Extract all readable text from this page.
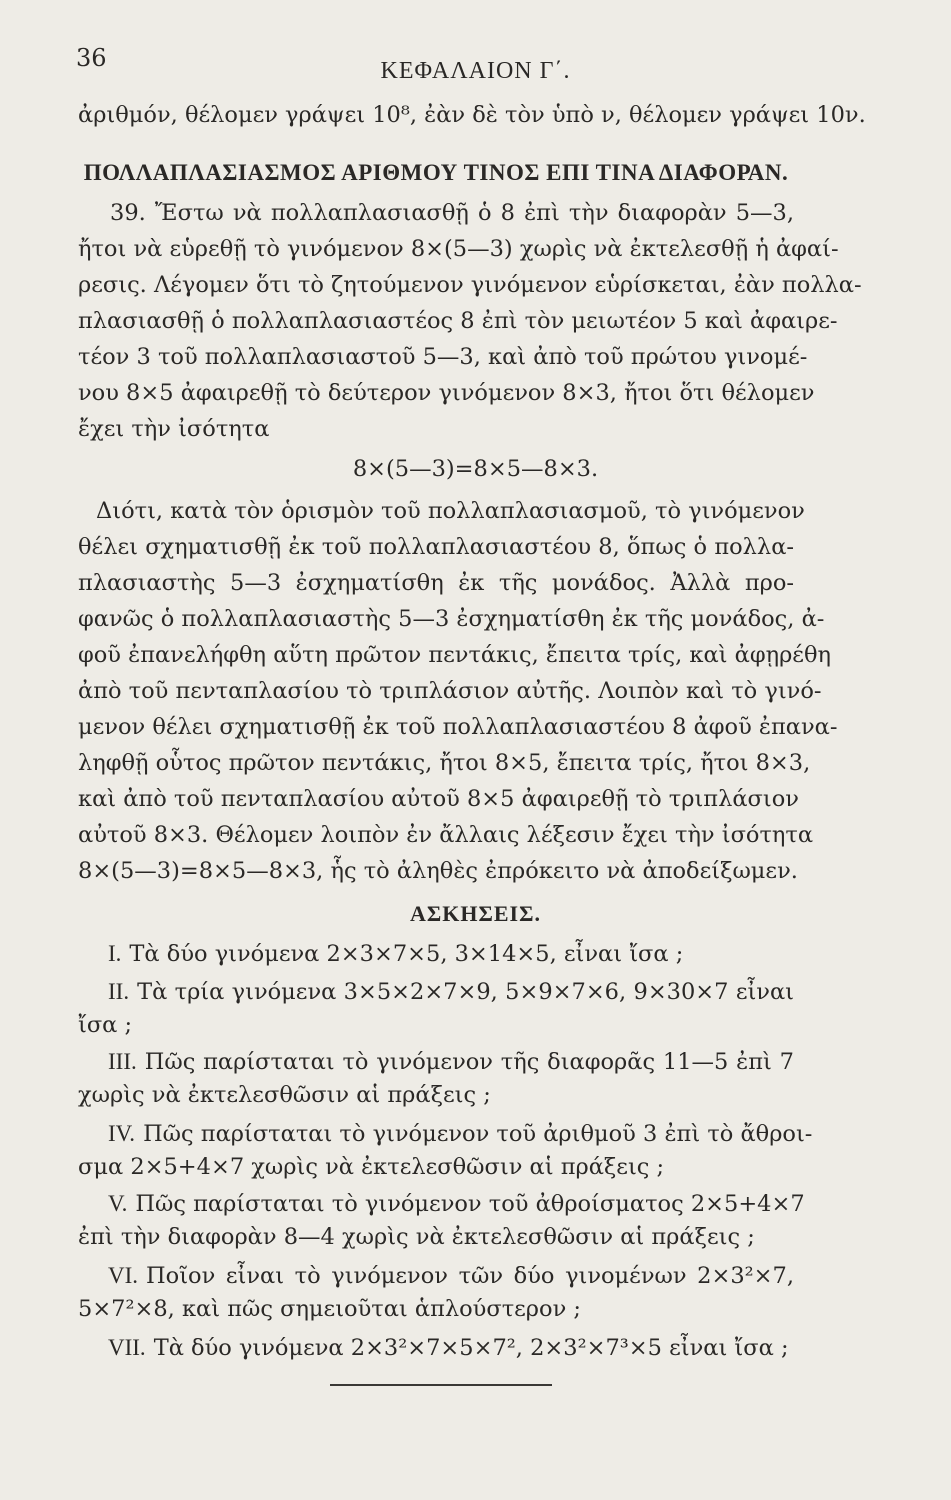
36	ΚΕΦΑΛΑΙΟΝ Γ΄.
ἀριθμόν, θέλομεν γράψει 10⁸, ἐὰν δὲ τὸν ὑπὸ ν, θέλομεν γράψει 10ν.
ΠΟΛΛΑΠΛΑΣΙΑΣΜΟΣ ΑΡΙΘΜΟΥ ΤΙΝΟΣ ΕΠΙ ΤΙΝΑ ΔΙΑΦΟΡΑΝ.
39. Ἔστω νὰ πολλαπλασιασθῇ ὁ 8 ἐπὶ τὴν διαφορὰν 5—3,
ἤτοι νὰ εὑρεθῇ τὸ γινόμενον 8×(5—3) χωρὶς νὰ ἐκτελεσθῇ ἡ ἀφαί-
ρεσις. Λέγομεν ὅτι τὸ ζητούμενον γινόμενον εὑρίσκεται, ἐὰν πολλα-
πλασιασθῇ ὁ πολλαπλασιαστέος 8 ἐπὶ τὸν μειωτέον 5 καὶ ἀφαιρε-
τέον 3 τοῦ πολλαπλασιαστοῦ 5—3, καὶ ἀπὸ τοῦ πρώτου γινομέ-
νου 8×5 ἀφαιρεθῇ τὸ δεύτερον γινόμενον 8×3, ἤτοι ὅτι θέλομεν
ἔχει τὴν ἰσότητα
8×(5—3)=8×5—8×3.
Διότι, κατὰ τὸν ὁρισμὸν τοῦ πολλαπλασιασμοῦ, τὸ γινόμενον
θέλει σχηματισθῇ ἐκ τοῦ πολλαπλασιαστέου 8, ὅπως ὁ πολλα-
πλασιαστὴς 5—3 ἐσχηματίσθη ἐκ τῆς μονάδος. Ἀλλὰ προ-
φανῶς ὁ πολλαπλασιαστὴς 5—3 ἐσχηματίσθη ἐκ τῆς μονάδος, ἀ-
φοῦ ἐπανελήφθη αὕτη πρῶτον πεντάκις, ἔπειτα τρίς, καὶ ἀφῃρέθη
ἀπὸ τοῦ πενταπλασίου τὸ τριπλάσιον αὐτῆς. Λοιπὸν καὶ τὸ γινό-
μενον θέλει σχηματισθῇ ἐκ τοῦ πολλαπλασιαστέου 8 ἀφοῦ ἐπανα-
ληφθῇ οὗτος πρῶτον πεντάκις, ἤτοι 8×5, ἔπειτα τρίς, ἤτοι 8×3,
καὶ ἀπὸ τοῦ πενταπλασίου αὐτοῦ 8×5 ἀφαιρεθῇ τὸ τριπλάσιον
αὐτοῦ 8×3. Θέλομεν λοιπὸν ἐν ἄλλαις λέξεσιν ἔχει τὴν ἰσότητα
8×(5—3)=8×5—8×3, ἧς τὸ ἀληθὲς ἐπρόκειτο νὰ ἀποδείξωμεν.
ΑΣΚΗΣΕΙΣ.
I. Τὰ δύο γινόμενα 2×3×7×5, 3×14×5, εἶναι ἴσα ;
II. Τὰ τρία γινόμενα 3×5×2×7×9, 5×9×7×6, 9×30×7 εἶναι
ἴσα ;
III. Πῶς παρίσταται τὸ γινόμενον τῆς διαφορᾶς 11—5 ἐπὶ 7
χωρὶς νὰ ἐκτελεσθῶσιν αἱ πράξεις ;
IV. Πῶς παρίσταται τὸ γινόμενον τοῦ ἀριθμοῦ 3 ἐπὶ τὸ ἄθροι-
σμα 2×5+4×7 χωρὶς νὰ ἐκτελεσθῶσιν αἱ πράξεις ;
V. Πῶς παρίσταται τὸ γινόμενον τοῦ ἀθροίσματος 2×5+4×7
ἐπὶ τὴν διαφορὰν 8—4 χωρὶς νὰ ἐκτελεσθῶσιν αἱ πράξεις ;
VI. Ποῖον εἶναι τὸ γινόμενον τῶν δύο γινομένων 2×3²×7,
5×7²×8, καὶ πῶς σημειοῦται ἁπλούστερον ;
VII. Τὰ δύο γινόμενα 2×3²×7×5×7², 2×3²×7³×5 εἶναι ἴσα ;
